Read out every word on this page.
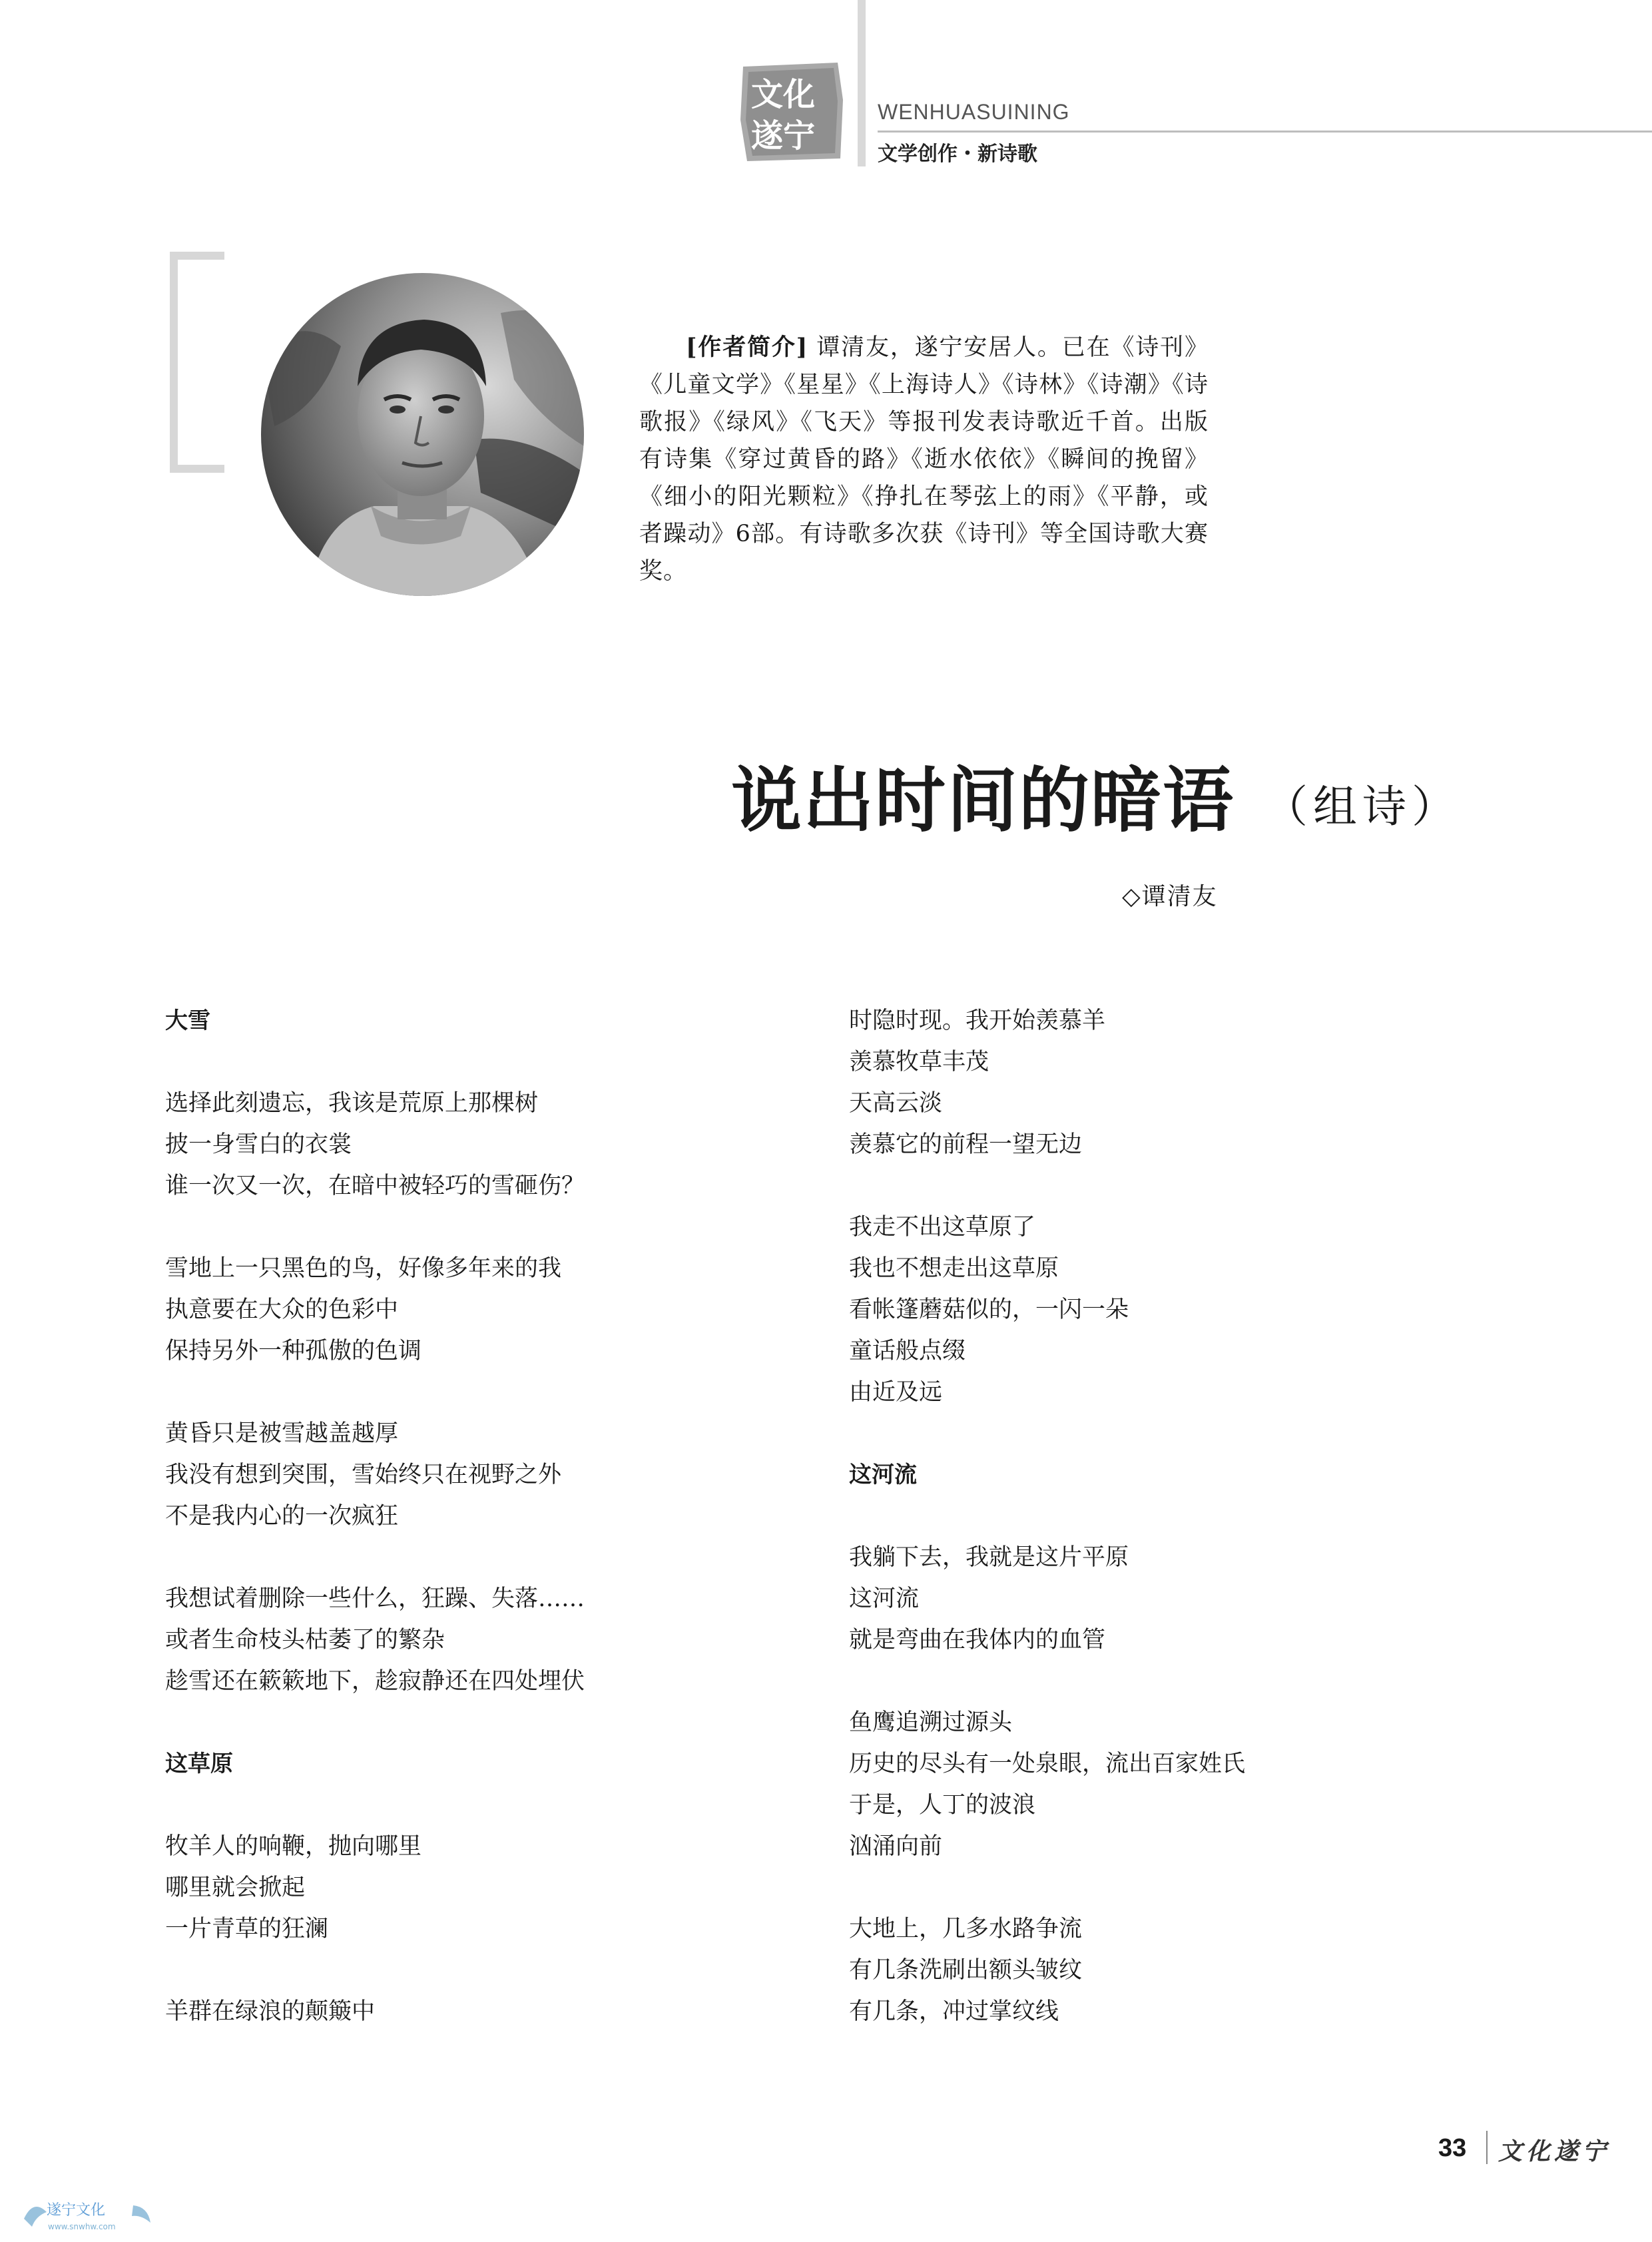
文化
遂宁
WENHUASUINING
文学创作・新诗歌
[作者简介] 谭清友，遂宁安居人。已在《诗刊》《儿童文学》《星星》《上海诗人》《诗林》《诗潮》《诗歌报》《绿风》《飞天》等报刊发表诗歌近千首。出版有诗集《穿过黄昏的路》《逝水依依》《瞬间的挽留》《细小的阳光颗粒》《挣扎在琴弦上的雨》《平静，或者躁动》6部。有诗歌多次获《诗刊》等全国诗歌大赛奖。
说出时间的暗语 （组诗）
◇谭清友
大雪
选择此刻遗忘，我该是荒原上那棵树
披一身雪白的衣裳
谁一次又一次，在暗中被轻巧的雪砸伤？
雪地上一只黑色的鸟，好像多年来的我
执意要在大众的色彩中
保持另外一种孤傲的色调
黄昏只是被雪越盖越厚
我没有想到突围，雪始终只在视野之外
不是我内心的一次疯狂
我想试着删除一些什么，狂躁、失落……
或者生命枝头枯萎了的繁杂
趁雪还在簌簌地下，趁寂静还在四处埋伏
这草原
牧羊人的响鞭，抛向哪里
哪里就会掀起
一片青草的狂澜
羊群在绿浪的颠簸中
时隐时现。我开始羡慕羊
羡慕牧草丰茂
天高云淡
羡慕它的前程一望无边
我走不出这草原了
我也不想走出这草原
看帐篷蘑菇似的，一闪一朵
童话般点缀
由近及远
这河流
我躺下去，我就是这片平原
这河流
就是弯曲在我体内的血管
鱼鹰追溯过源头
历史的尽头有一处泉眼，流出百家姓氏
于是，人丁的波浪
汹涌向前
大地上，几多水路争流
有几条洗刷出额头皱纹
有几条，冲过掌纹线
33 文化遂宁
遂宁文化
www.snwhw.com
